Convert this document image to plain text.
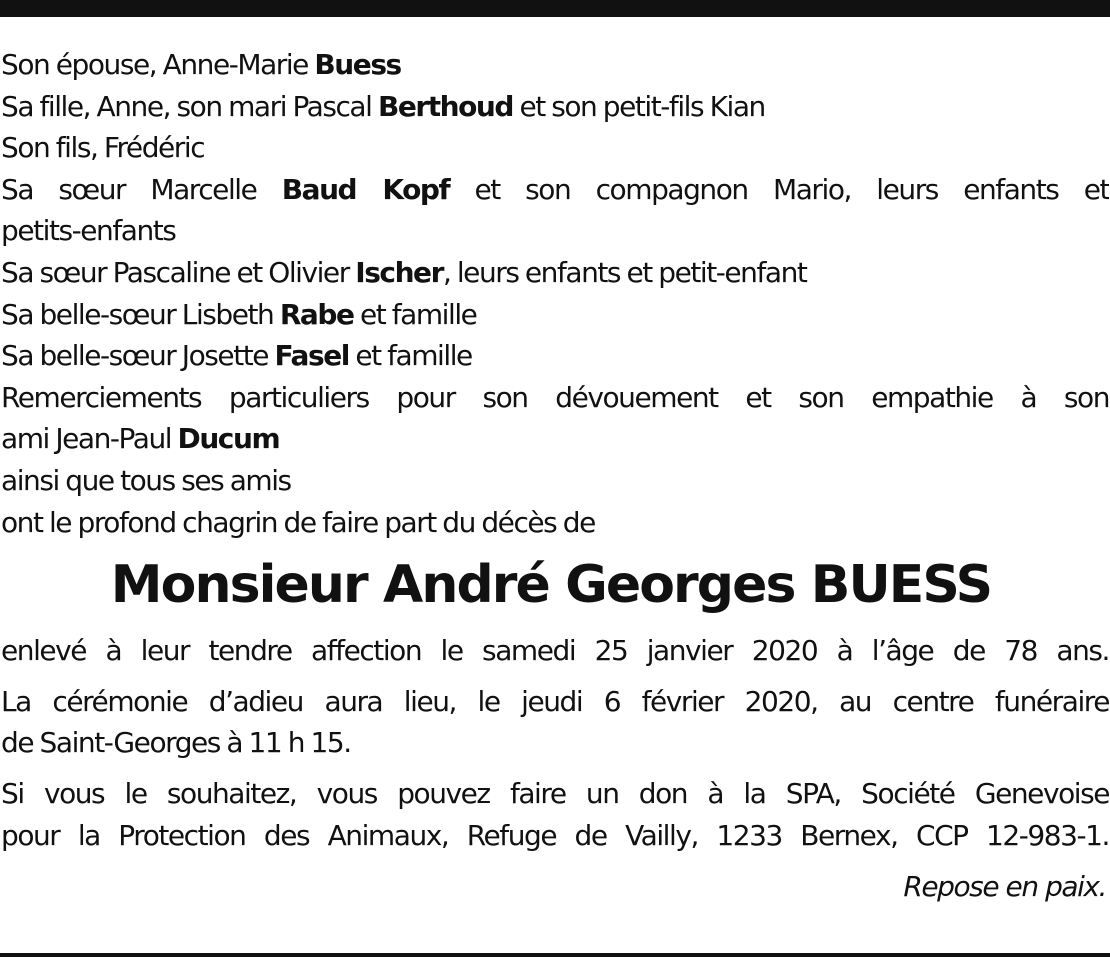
Son épouse, Anne-Marie Buess
Sa fille, Anne, son mari Pascal Berthoud et son petit-fils Kian
Son fils, Frédéric
Sa sœur Marcelle Baud Kopf et son compagnon Mario, leurs enfants et
petits-enfants
Sa sœur Pascaline et Olivier Ischer, leurs enfants et petit-enfant
Sa belle-sœur Lisbeth Rabe et famille
Sa belle-sœur Josette Fasel et famille
Remerciements particuliers pour son dévouement et son empathie à son
ami Jean-Paul Ducum
ainsi que tous ses amis
ont le profond chagrin de faire part du décès de
Monsieur André Georges BUESS
enlevé à leur tendre affection le samedi 25 janvier 2020 à l’âge de 78 ans.
La cérémonie d’adieu aura lieu, le jeudi 6 février 2020, au centre funéraire
de Saint-Georges à 11 h 15.
Si vous le souhaitez, vous pouvez faire un don à la SPA, Société Genevoise
pour la Protection des Animaux, Refuge de Vailly, 1233 Bernex, CCP 12-983-1.
Repose en paix.
